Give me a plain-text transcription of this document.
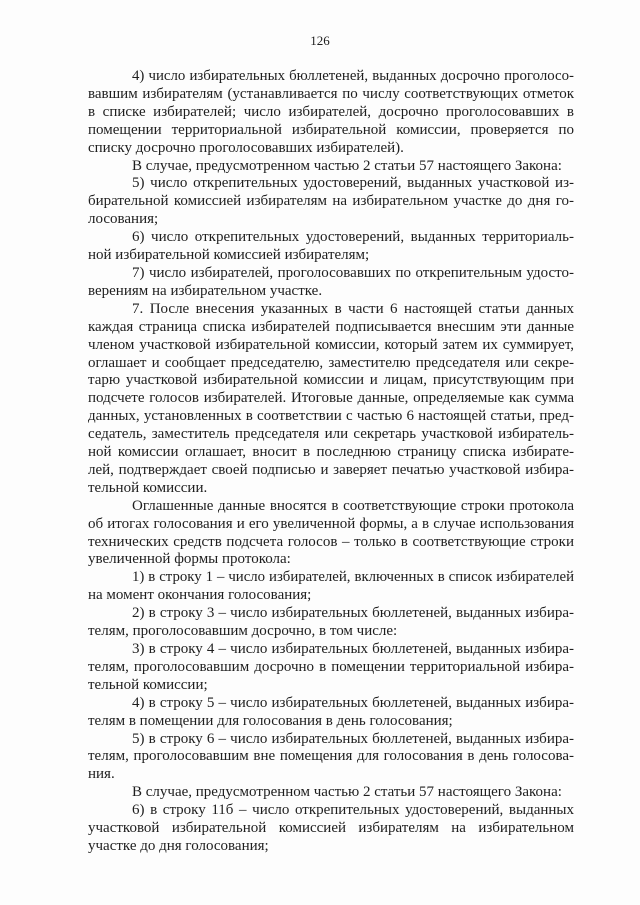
126
4) число избирательных бюллетеней, выданных досрочно проголосо-
вавшим избирателям (устанавливается по числу соответствующих отметок
в списке избирателей; число избирателей, досрочно проголосовавших в
помещении территориальной избирательной комиссии, проверяется по
списку досрочно проголосовавших избирателей).
В случае, предусмотренном частью 2 статьи 57 настоящего Закона:
5) число открепительных удостоверений, выданных участковой из-
бирательной комиссией избирателям на избирательном участке до дня го-
лосования;
6) число открепительных удостоверений, выданных территориаль-
ной избирательной комиссией избирателям;
7) число избирателей, проголосовавших по открепительным удосто-
верениям на избирательном участке.
7. После внесения указанных в части 6 настоящей статьи данных
каждая страница списка избирателей подписывается внесшим эти данные
членом участковой избирательной комиссии, который затем их суммирует,
оглашает и сообщает председателю, заместителю председателя или секре-
тарю участковой избирательной комиссии и лицам, присутствующим при
подсчете голосов избирателей. Итоговые данные, определяемые как сумма
данных, установленных в соответствии с частью 6 настоящей статьи, пред-
седатель, заместитель председателя или секретарь участковой избиратель-
ной комиссии оглашает, вносит в последнюю страницу списка избирате-
лей, подтверждает своей подписью и заверяет печатью участковой избира-
тельной комиссии.
Оглашенные данные вносятся в соответствующие строки протокола
об итогах голосования и его увеличенной формы, а в случае использования
технических средств подсчета голосов – только в соответствующие строки
увеличенной формы протокола:
1) в строку 1 – число избирателей, включенных в список избирателей
на момент окончания голосования;
2) в строку 3 – число избирательных бюллетеней, выданных избира-
телям, проголосовавшим досрочно, в том числе:
3) в строку 4 – число избирательных бюллетеней, выданных избира-
телям, проголосовавшим досрочно в помещении территориальной избира-
тельной комиссии;
4) в строку 5 – число избирательных бюллетеней, выданных избира-
телям в помещении для голосования в день голосования;
5) в строку 6 – число избирательных бюллетеней, выданных избира-
телям, проголосовавшим вне помещения для голосования в день голосова-
ния.
В случае, предусмотренном частью 2 статьи 57 настоящего Закона:
6) в строку 11б – число открепительных удостоверений, выданных
участковой избирательной комиссией избирателям на избирательном
участке до дня голосования;
